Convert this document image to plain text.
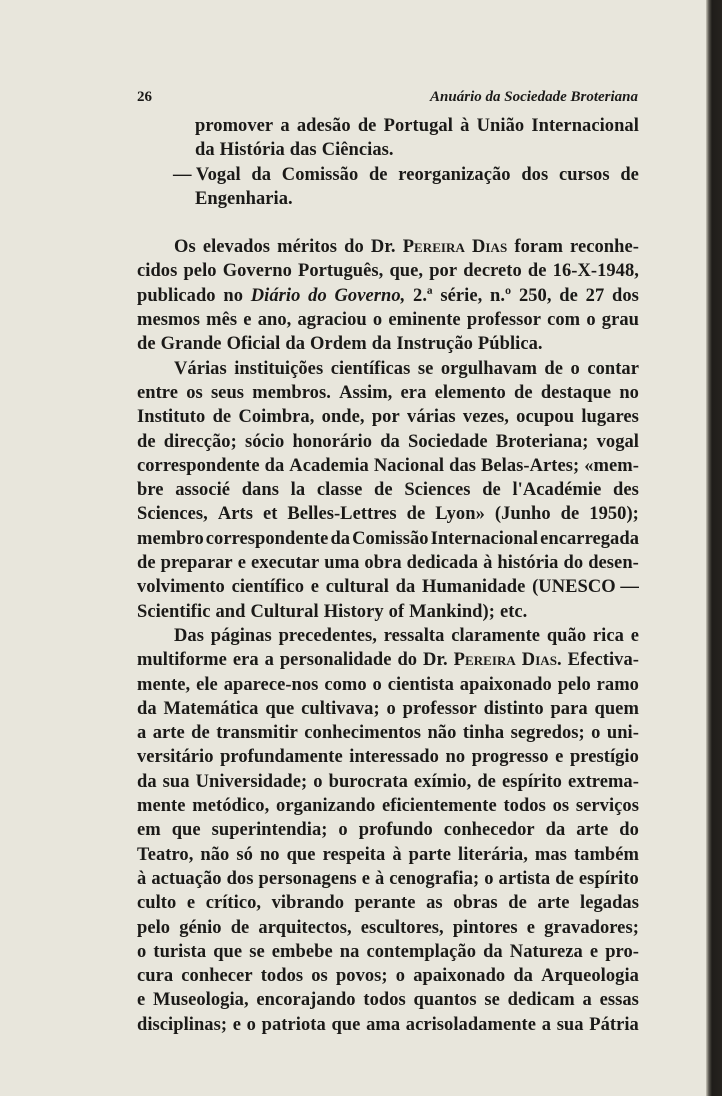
26	Anuário da Sociedade Broteriana
promover a adesão de Portugal à União Internacional
da História das Ciências.
— Vogal da Comissão de reorganização dos cursos de
Engenharia.
Os elevados méritos do Dr. Pereira Dias foram reconhe-
cidos pelo Governo Português, que, por decreto de 16-X-1948,
publicado no Diário do Governo, 2.ª série, n.º 250, de 27 dos
mesmos mês e ano, agraciou o eminente professor com o grau
de Grande Oficial da Ordem da Instrução Pública.
Várias instituições científicas se orgulhavam de o contar
entre os seus membros. Assim, era elemento de destaque no
Instituto de Coimbra, onde, por várias vezes, ocupou lugares
de direcção; sócio honorário da Sociedade Broteriana; vogal
correspondente da Academia Nacional das Belas-Artes; «mem-
bre associé dans la classe de Sciences de l'Académie des
Sciences, Arts et Belles-Lettres de Lyon» (Junho de 1950);
membro correspondente da Comissão Internacional encarregada
de preparar e executar uma obra dedicada à história do desen-
volvimento científico e cultural da Humanidade (UNESCO —
Scientific and Cultural History of Mankind); etc.
Das páginas precedentes, ressalta claramente quão rica e
multiforme era a personalidade do Dr. Pereira Dias. Efectiva-
mente, ele aparece-nos como o cientista apaixonado pelo ramo
da Matemática que cultivava; o professor distinto para quem
a arte de transmitir conhecimentos não tinha segredos; o uni-
versitário profundamente interessado no progresso e prestígio
da sua Universidade; o burocrata exímio, de espírito extrema-
mente metódico, organizando eficientemente todos os serviços
em que superintendia; o profundo conhecedor da arte do
Teatro, não só no que respeita à parte literária, mas também
à actuação dos personagens e à cenografia; o artista de espírito
culto e crítico, vibrando perante as obras de arte legadas
pelo génio de arquitectos, escultores, pintores e gravadores;
o turista que se embebe na contemplação da Natureza e pro-
cura conhecer todos os povos; o apaixonado da Arqueologia
e Museologia, encorajando todos quantos se dedicam a essas
disciplinas; e o patriota que ama acrisoladamente a sua Pátria
